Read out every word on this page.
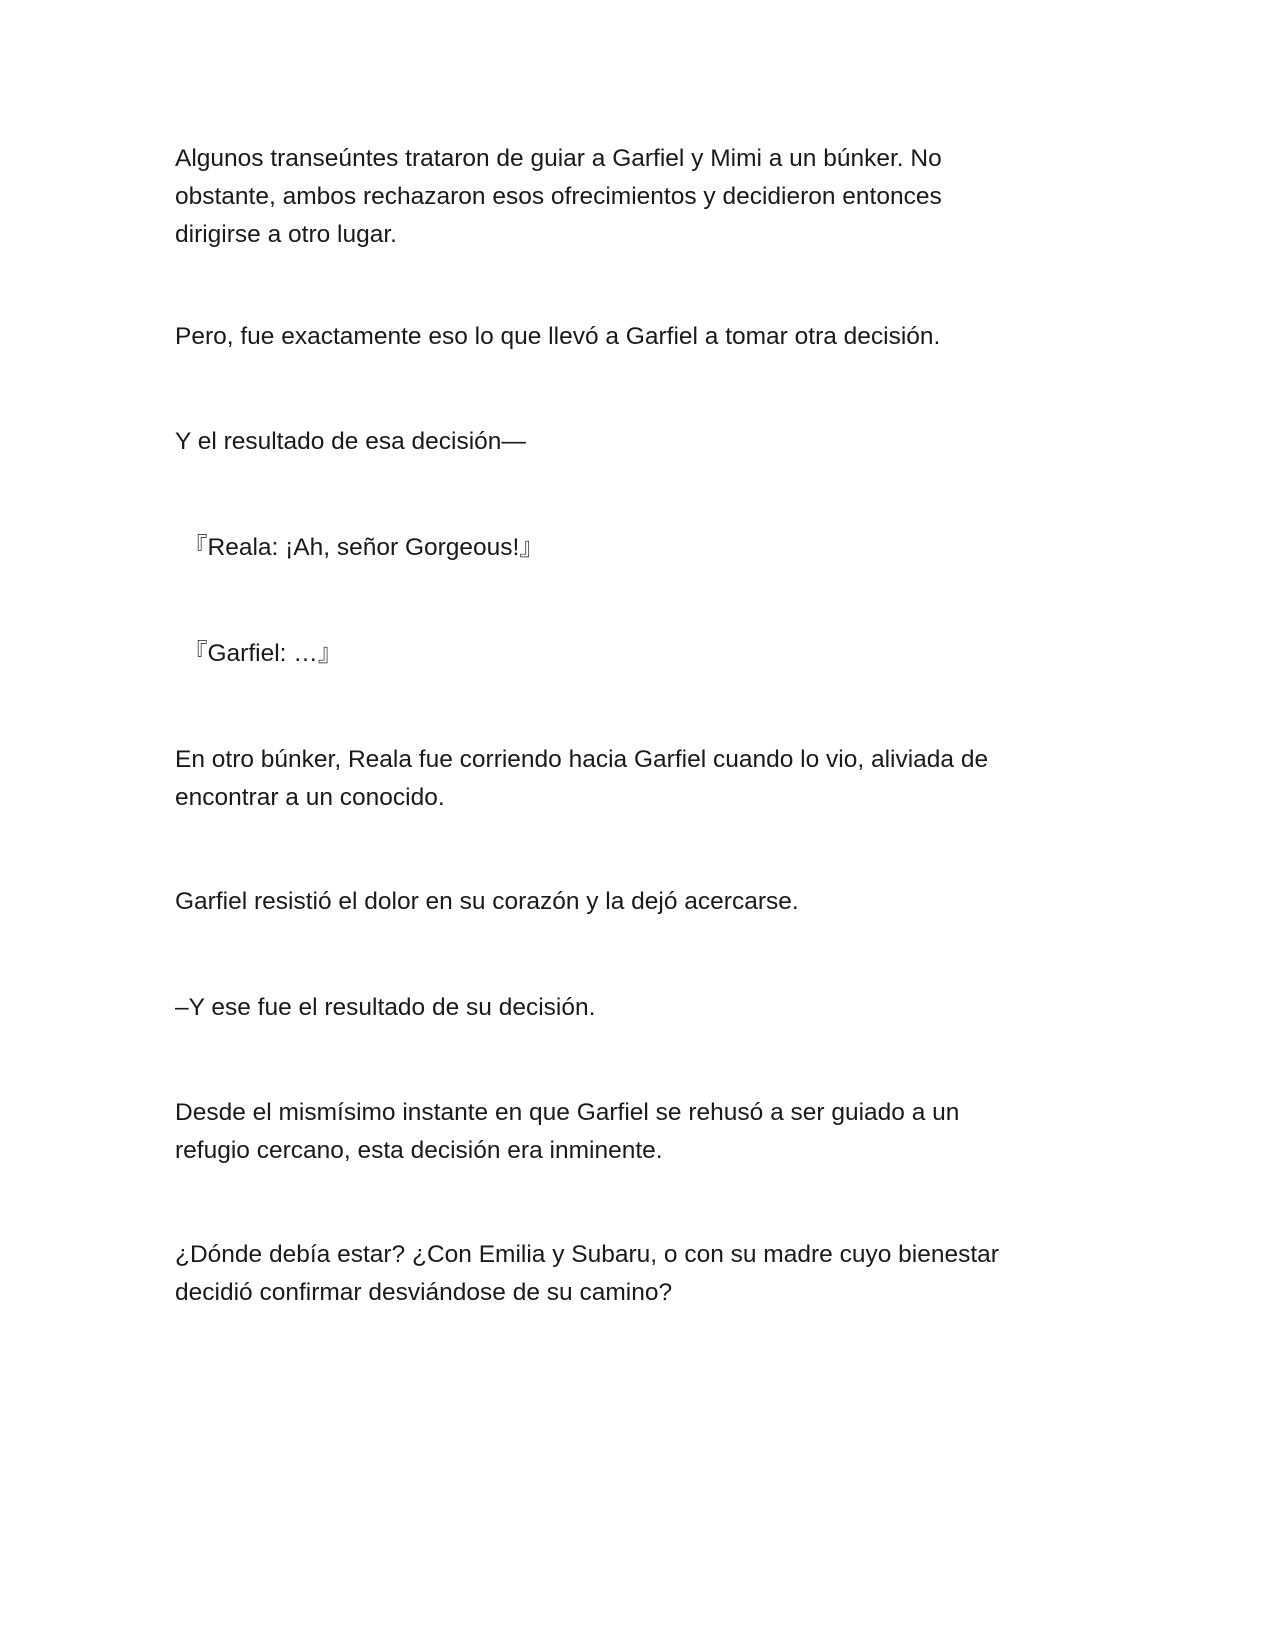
Algunos transeúntes trataron de guiar a Garfiel y Mimi a un búnker. No
obstante, ambos rechazaron esos ofrecimientos y decidieron entonces
dirigirse a otro lugar.

Pero, fue exactamente eso lo que llevó a Garfiel a tomar otra decisión.

Y el resultado de esa decisión—

『Reala: ¡Ah, señor Gorgeous!』

『Garfiel: …』

En otro búnker, Reala fue corriendo hacia Garfiel cuando lo vio, aliviada de
encontrar a un conocido.

Garfiel resistió el dolor en su corazón y la dejó acercarse.

–Y ese fue el resultado de su decisión.

Desde el mismísimo instante en que Garfiel se rehusó a ser guiado a un
refugio cercano, esta decisión era inminente.

¿Dónde debía estar? ¿Con Emilia y Subaru, o con su madre cuyo bienestar
decidió confirmar desviándose de su camino?
